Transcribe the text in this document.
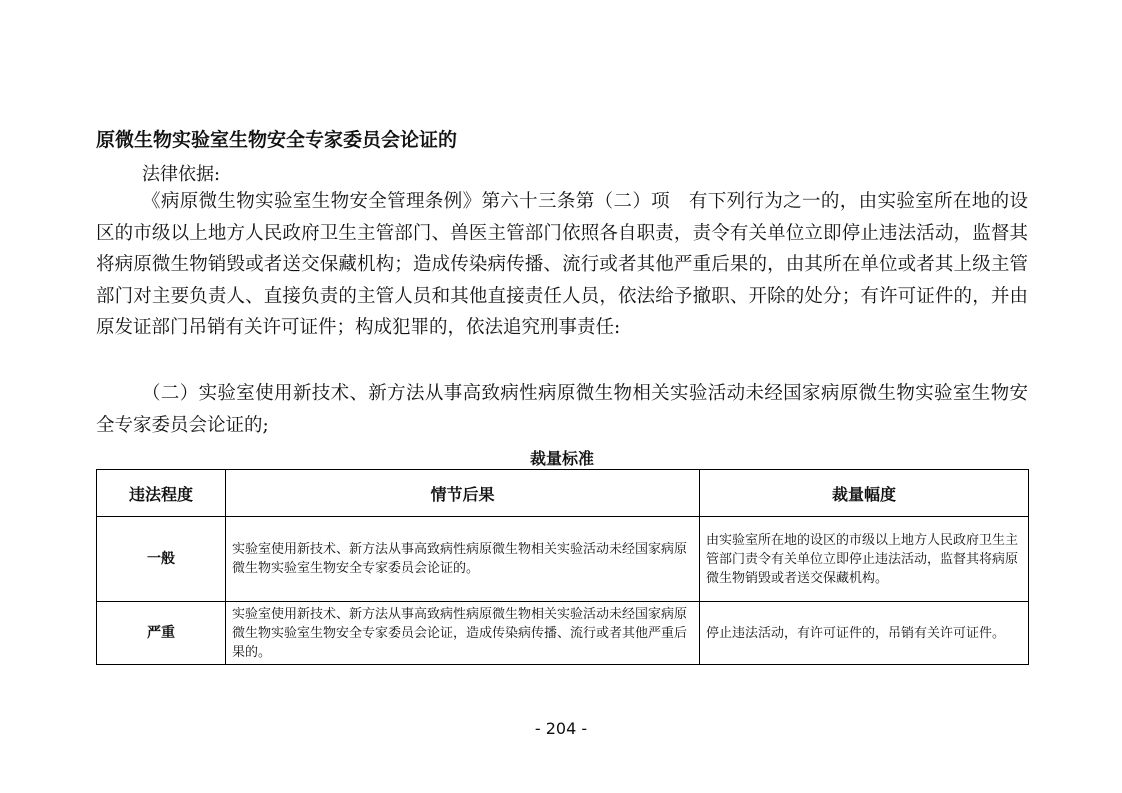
原微生物实验室生物安全专家委员会论证的
法律依据:

《病原微生物实验室生物安全管理条例》第六十三条第（二）项　有下列行为之一的，由实验室所在地的设区的市级以上地方人民政府卫生主管部门、兽医主管部门依照各自职责，责令有关单位立即停止违法活动，监督其将病原微生物销毁或者送交保藏机构；造成传染病传播、流行或者其他严重后果的，由其所在单位或者其上级主管部门对主要负责人、直接负责的主管人员和其他直接责任人员，依法给予撤职、开除的处分；有许可证件的，并由原发证部门吊销有关许可证件；构成犯罪的，依法追究刑事责任:

（二）实验室使用新技术、新方法从事高致病性病原微生物相关实验活动未经国家病原微生物实验室生物安全专家委员会论证的;

裁量标准
违法程度	情节后果	裁量幅度
一般	实验室使用新技术、新方法从事高致病性病原微生物相关实验活动未经国家病原微生物实验室生物安全专家委员会论证的。	由实验室所在地的设区的市级以上地方人民政府卫生主管部门责令有关单位立即停止违法活动，监督其将病原微生物销毁或者送交保藏机构。
严重	实验室使用新技术、新方法从事高致病性病原微生物相关实验活动未经国家病原微生物实验室生物安全专家委员会论证，造成传染病传播、流行或者其他严重后果的。	停止违法活动，有许可证件的，吊销有关许可证件。
- 204 -
